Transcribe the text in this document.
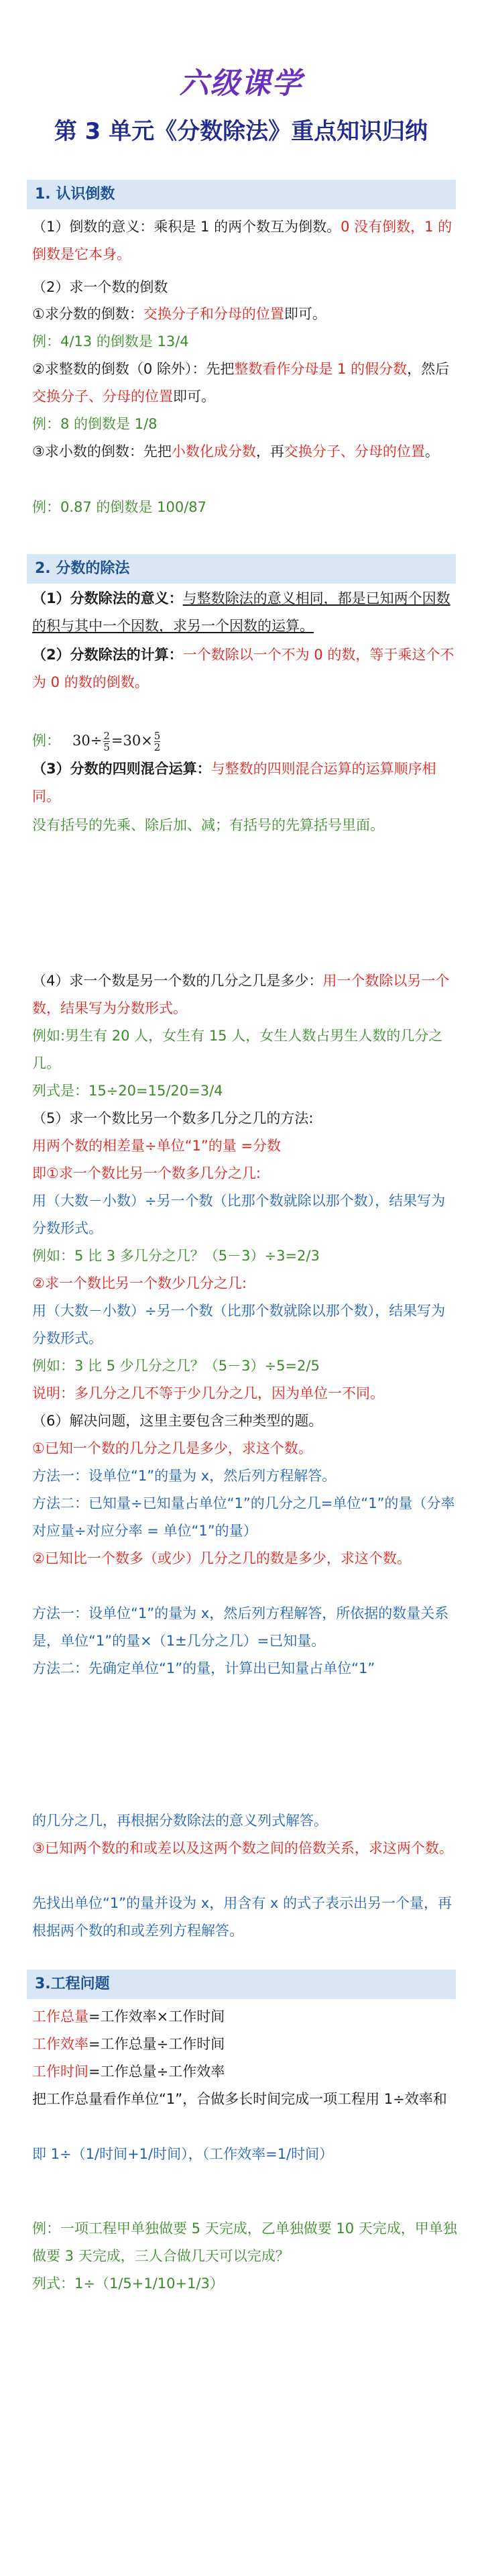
六级课学
第 3 单元《分数除法》重点知识归纳
1. 认识倒数
（1）倒数的意义：乘积是 1 的两个数互为倒数。0 没有倒数，1 的倒数是它本身。
（2）求一个数的倒数
①求分数的倒数：交换分子和分母的位置即可。
例：4/13 的倒数是 13/4
②求整数的倒数（0 除外）：先把整数看作分母是 1 的假分数，然后交换分子、分母的位置即可。
例：8 的倒数是 1/8
③求小数的倒数：先把小数化成分数，再交换分子、分母的位置。
例：0.87 的倒数是 100/87
2. 分数的除法
（1）分数除法的意义：与整数除法的意义相同，都是已知两个因数的积与其中一个因数，求另一个因数的运算。
（2）分数除法的计算：一个数除以一个不为 0 的数，等于乘这个不为 0 的数的倒数。
例： $30\div \frac{2}{5} =30\times \frac{5}{2}$
（3）分数的四则混合运算：与整数的四则混合运算的运算顺序相同。
没有括号的先乘、除后加、减；有括号的先算括号里面。
（4）求一个数是另一个数的几分之几是多少：用一个数除以另一个数，结果写为分数形式。
例如:男生有 20 人，女生有 15 人，女生人数占男生人数的几分之几。
列式是：15÷20=15/20=3/4
（5）求一个数比另一个数多几分之几的方法:
用两个数的相差量÷单位“1”的量 =分数
即①求一个数比另一个数多几分之几:
用（大数－小数）÷另一个数（比那个数就除以那个数），结果写为分数形式。
例如：5 比 3 多几分之几？（5－3）÷3=2/3
②求一个数比另一个数少几分之几:
用（大数－小数）÷另一个数（比那个数就除以那个数），结果写为分数形式。
例如：3 比 5 少几分之几？（5－3）÷5=2/5
说明：多几分之几不等于少几分之几，因为单位一不同。
（6）解决问题，这里主要包含三种类型的题。
①已知一个数的几分之几是多少，求这个数。
方法一：设单位“1”的量为 x，然后列方程解答。
方法二：已知量÷已知量占单位“1”的几分之几=单位“1”的量（分率对应量÷对应分率 = 单位“1”的量）
②已知比一个数多（或少）几分之几的数是多少，求这个数。
方法一：设单位“1”的量为 x，然后列方程解答，所依据的数量关系是，单位“1”的量×（1±几分之几）=已知量。
方法二：先确定单位“1”的量，计算出已知量占单位“1”
的几分之几，再根据分数除法的意义列式解答。
③已知两个数的和或差以及这两个数之间的倍数关系，求这两个数。
先找出单位“1”的量并设为 x，用含有 x 的式子表示出另一个量，再根据两个数的和或差列方程解答。
3.工程问题
工作总量=工作效率×工作时间
工作效率=工作总量÷工作时间
工作时间=工作总量÷工作效率
把工作总量看作单位“1”，合做多长时间完成一项工程用 1÷效率和
即 1÷（1/时间+1/时间），（工作效率=1/时间）
例：一项工程甲单独做要 5 天完成，乙单独做要 10 天完成，甲单独做要 3 天完成，三人合做几天可以完成？
列式：1÷（1/5+1/10+1/3）
